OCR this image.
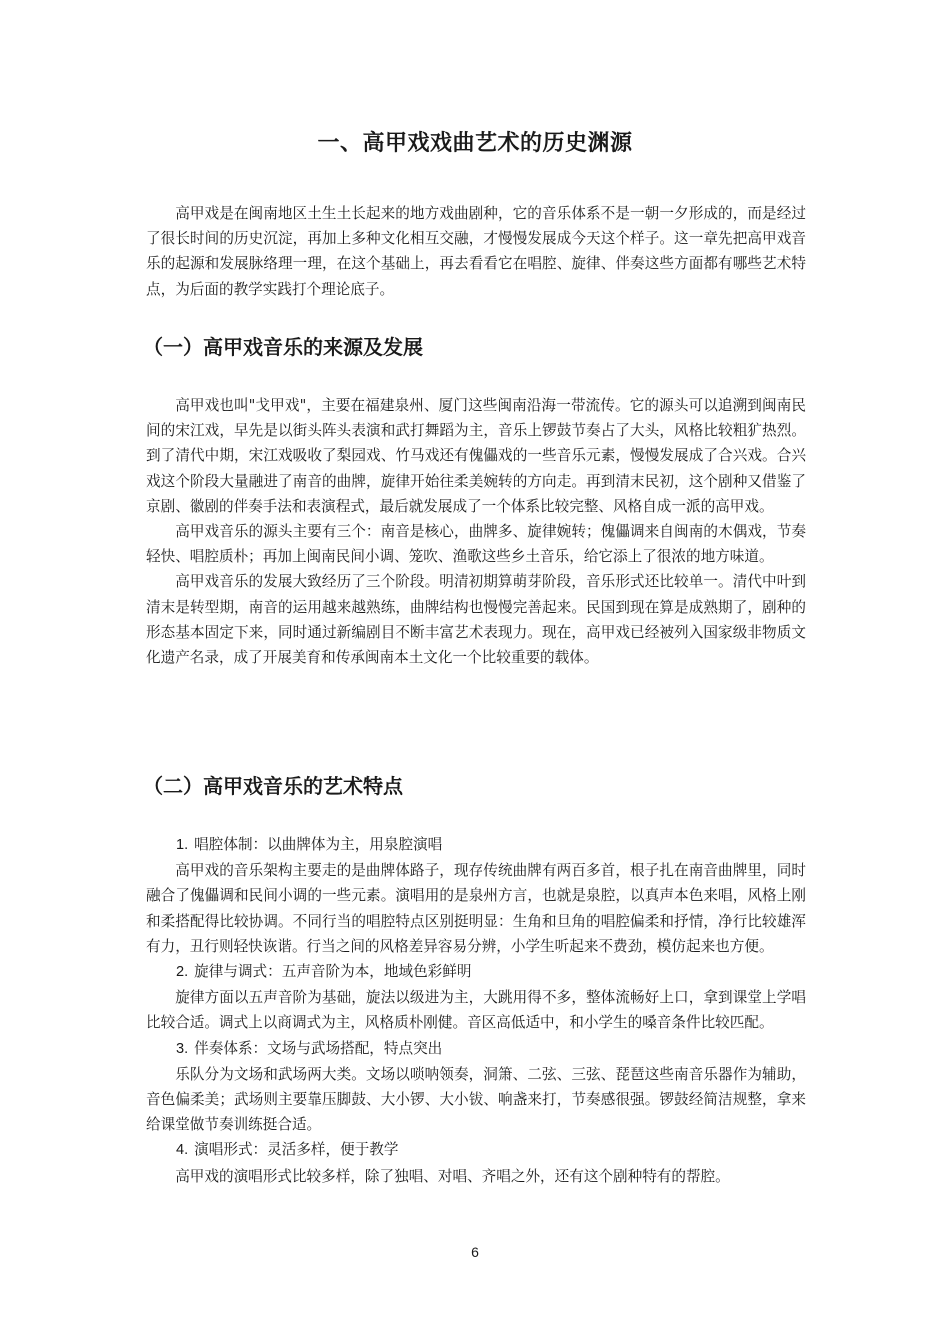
一、高甲戏戏曲艺术的历史渊源

高甲戏是在闽南地区土生土长起来的地方戏曲剧种，它的音乐体系不是一朝一夕形成的，而是经过了很长时间的历史沉淀，再加上多种文化相互交融，才慢慢发展成今天这个样子。这一章先把高甲戏音乐的起源和发展脉络理一理，在这个基础上，再去看看它在唱腔、旋律、伴奏这些方面都有哪些艺术特点，为后面的教学实践打个理论底子。

（一）高甲戏音乐的来源及发展

高甲戏也叫"戈甲戏"，主要在福建泉州、厦门这些闽南沿海一带流传。它的源头可以追溯到闽南民间的宋江戏，早先是以街头阵头表演和武打舞蹈为主，音乐上锣鼓节奏占了大头，风格比较粗犷热烈。到了清代中期，宋江戏吸收了梨园戏、竹马戏还有傀儡戏的一些音乐元素，慢慢发展成了合兴戏。合兴戏这个阶段大量融进了南音的曲牌，旋律开始往柔美婉转的方向走。再到清末民初，这个剧种又借鉴了京剧、徽剧的伴奏手法和表演程式，最后就发展成了一个体系比较完整、风格自成一派的高甲戏。

高甲戏音乐的源头主要有三个：南音是核心，曲牌多、旋律婉转；傀儡调来自闽南的木偶戏，节奏轻快、唱腔质朴；再加上闽南民间小调、笼吹、渔歌这些乡土音乐，给它添上了很浓的地方味道。

高甲戏音乐的发展大致经历了三个阶段。明清初期算萌芽阶段，音乐形式还比较单一。清代中叶到清末是转型期，南音的运用越来越熟练，曲牌结构也慢慢完善起来。民国到现在算是成熟期了，剧种的形态基本固定下来，同时通过新编剧目不断丰富艺术表现力。现在，高甲戏已经被列入国家级非物质文化遗产名录，成了开展美育和传承闽南本土文化一个比较重要的载体。

（二）高甲戏音乐的艺术特点
1. 唱腔体制：以曲牌体为主，用泉腔演唱

高甲戏的音乐架构主要走的是曲牌体路子，现存传统曲牌有两百多首，根子扎在南音曲牌里，同时融合了傀儡调和民间小调的一些元素。演唱用的是泉州方言，也就是泉腔，以真声本色来唱，风格上刚和柔搭配得比较协调。不同行当的唱腔特点区别挺明显：生角和旦角的唱腔偏柔和抒情，净行比较雄浑有力，丑行则轻快诙谐。行当之间的风格差异容易分辨，小学生听起来不费劲，模仿起来也方便。

2. 旋律与调式：五声音阶为本，地域色彩鲜明

旋律方面以五声音阶为基础，旋法以级进为主，大跳用得不多，整体流畅好上口，拿到课堂上学唱比较合适。调式上以商调式为主，风格质朴刚健。音区高低适中，和小学生的嗓音条件比较匹配。

3. 伴奏体系：文场与武场搭配，特点突出

乐队分为文场和武场两大类。文场以唢呐领奏，洞箫、二弦、三弦、琵琶这些南音乐器作为辅助，音色偏柔美；武场则主要靠压脚鼓、大小锣、大小钹、响盏来打，节奏感很强。锣鼓经简洁规整，拿来给课堂做节奏训练挺合适。

4. 演唱形式：灵活多样，便于教学

高甲戏的演唱形式比较多样，除了独唱、对唱、齐唱之外，还有这个剧种特有的帮腔。

6
